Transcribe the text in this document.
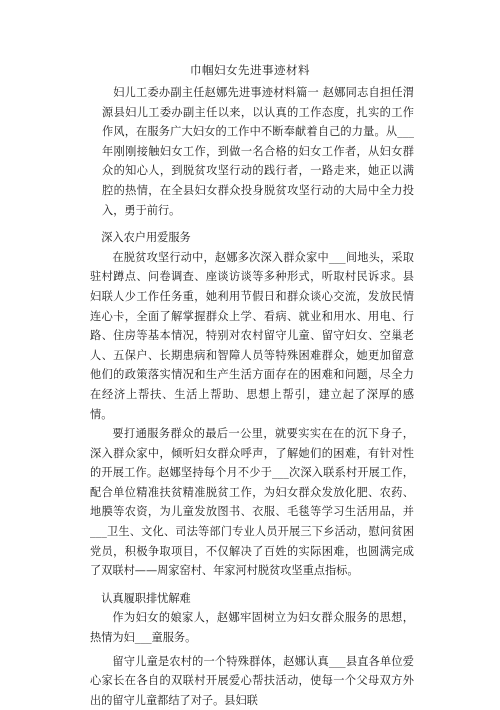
巾帼妇女先进事迹材料

妇儿工委办副主任赵娜先进事迹材料篇一 赵娜同志自担任渭源县妇儿工委办副主任以来，以认真的工作态度，扎实的工作作风，在服务广大妇女的工作中不断奉献着自己的力量。从___年刚刚接触妇女工作，到做一名合格的妇女工作者，从妇女群众的知心人，到脱贫攻坚行动的践行者，一路走来，她正以满腔的热情，在全县妇女群众投身脱贫攻坚行动的大局中全力投入，勇于前行。

深入农户用爱服务

在脱贫攻坚行动中，赵娜多次深入群众家中___间地头，采取驻村蹲点、问卷调查、座谈访谈等多种形式，听取村民诉求。县妇联人少工作任务重，她利用节假日和群众谈心交流，发放民情连心卡，全面了解掌握群众上学、看病、就业和用水、用电、行路、住房等基本情况，特别对农村留守儿童、留守妇女、空巢老人、五保户、长期患病和智障人员等特殊困难群众，她更加留意他们的政策落实情况和生产生活方面存在的困难和问题，尽全力在经济上帮扶、生活上帮助、思想上帮引，建立起了深厚的感情。

要打通服务群众的最后一公里，就要实实在在的沉下身子，深入群众家中，倾听妇女群众呼声，了解她们的困难，有针对性的开展工作。赵娜坚持每个月不少于___次深入联系村开展工作，配合单位精准扶贫精准脱贫工作，为妇女群众发放化肥、农药、地膜等农资，为儿童发放图书、衣服、毛毯等学习生活用品，并___卫生、文化、司法等部门专业人员开展三下乡活动，慰问贫困党员，积极争取项目，不仅解决了百姓的实际困难，也圆满完成了双联村——周家窑村、年家河村脱贫攻坚重点指标。

认真履职排忧解难

作为妇女的娘家人，赵娜牢固树立为妇女群众服务的思想，热情为妇___童服务。

留守儿童是农村的一个特殊群体，赵娜认真___县直各单位爱心家长在各自的双联村开展爱心帮扶活动，使每一个父母双方外出的留守儿童都结了对子。县妇联
